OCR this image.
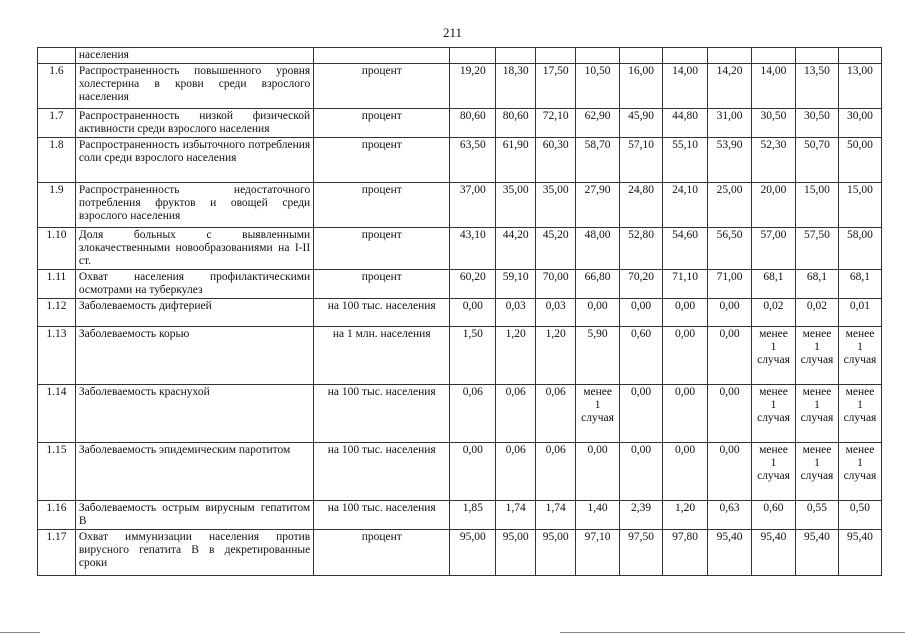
211
	населения											
1.6	Распространенность повышенного уровня холестерина в крови среди взрослого населения	процент	19,20	18,30	17,50	10,50	16,00	14,00	14,20	14,00	13,50	13,00
1.7	Распространенность низкой физической активности среди взрослого населения	процент	80,60	80,60	72,10	62,90	45,90	44,80	31,00	30,50	30,50	30,00
1.8	Распространенность избыточного потребления соли среди взрослого населения	процент	63,50	61,90	60,30	58,70	57,10	55,10	53,90	52,30	50,70	50,00
1.9	Распространенность недостаточного потребления фруктов и овощей среди взрослого населения	процент	37,00	35,00	35,00	27,90	24,80	24,10	25,00	20,00	15,00	15,00
1.10	Доля больных с выявленными злокачественными новообразованиями на I-II ст.	процент	43,10	44,20	45,20	48,00	52,80	54,60	56,50	57,00	57,50	58,00
1.11	Охват населения профилактическими осмотрами на туберкулез	процент	60,20	59,10	70,00	66,80	70,20	71,10	71,00	68,1	68,1	68,1
1.12	Заболеваемость дифтерией	на 100 тыс. населения	0,00	0,03	0,03	0,00	0,00	0,00	0,00	0,02	0,02	0,01
1.13	Заболеваемость корью	на 1 млн. населения	1,50	1,20	1,20	5,90	0,60	0,00	0,00	менее 1 случая	менее 1 случая	менее 1 случая
1.14	Заболеваемость краснухой	на 100 тыс. населения	0,06	0,06	0,06	менее 1 случая	0,00	0,00	0,00	менее 1 случая	менее 1 случая	менее 1 случая
1.15	Заболеваемость эпидемическим паротитом	на 100 тыс. населения	0,00	0,06	0,06	0,00	0,00	0,00	0,00	менее 1 случая	менее 1 случая	менее 1 случая
1.16	Заболеваемость острым вирусным гепатитом В	на 100 тыс. населения	1,85	1,74	1,74	1,40	2,39	1,20	0,63	0,60	0,55	0,50
1.17	Охват иммунизации населения против вирусного гепатита В в декретированные сроки	процент	95,00	95,00	95,00	97,10	97,50	97,80	95,40	95,40	95,40	95,40
